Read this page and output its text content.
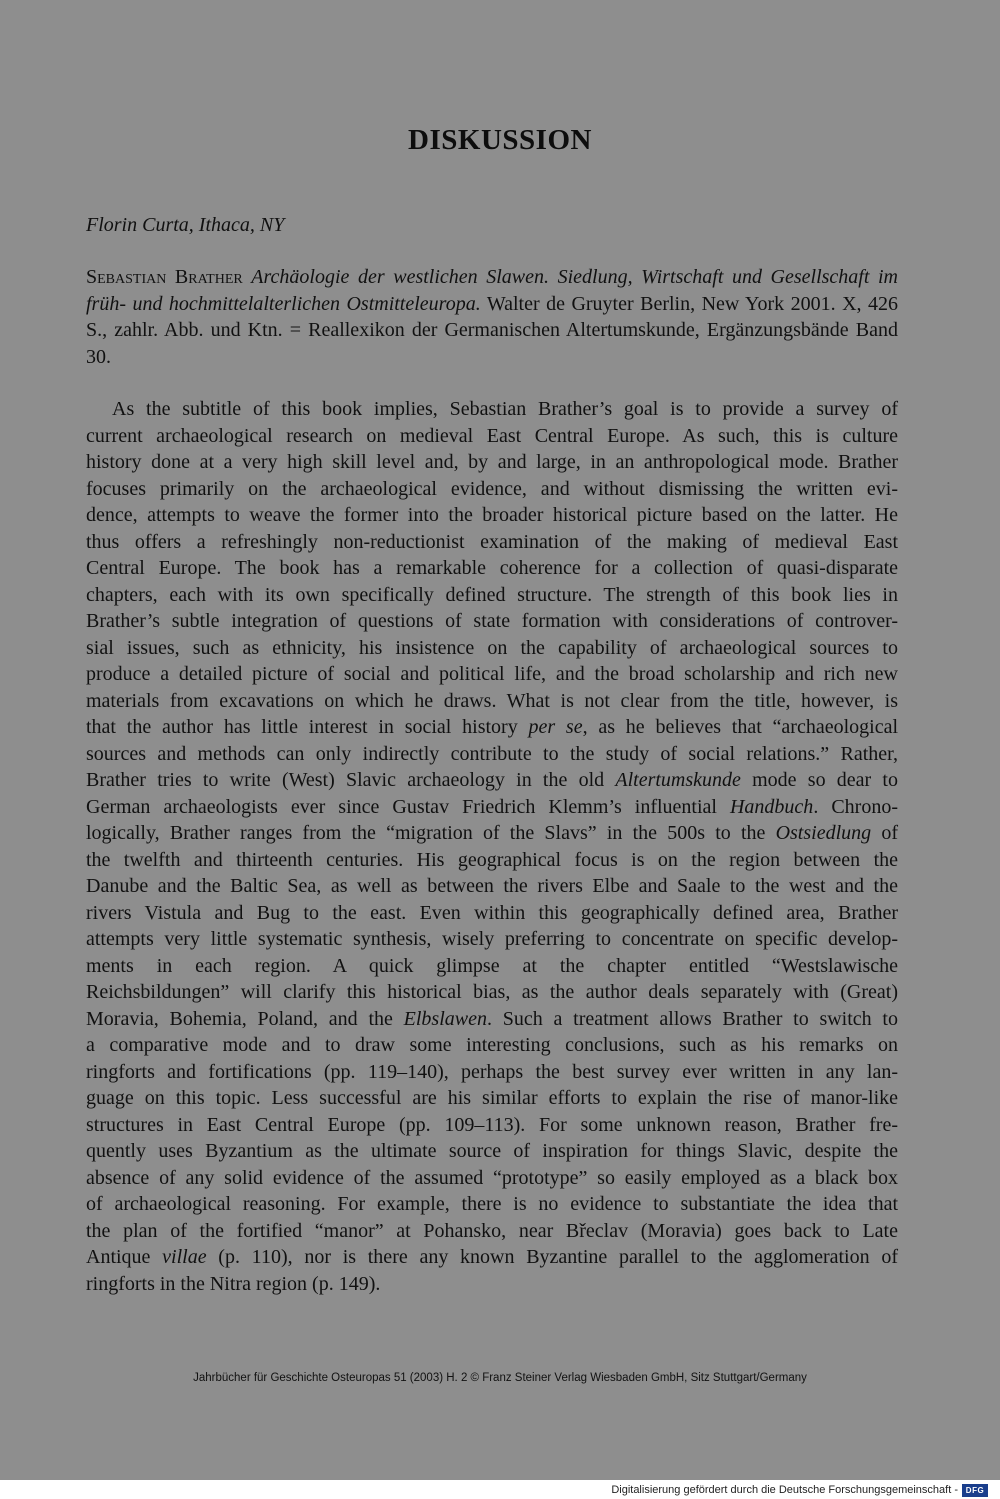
DISKUSSION

Florin Curta, Ithaca, NY

Sebastian Brather Archäologie der westlichen Slawen. Siedlung, Wirtschaft und Gesellschaft im früh- und hochmittelalterlichen Ostmitteleuropa. Walter de Gruyter Berlin, New York 2001. X, 426 S., zahlr. Abb. und Ktn. = Reallexikon der Germanischen Altertumskunde, Ergänzungsbände Band 30.

As the subtitle of this book implies, Sebastian Brather’s goal is to provide a survey of
current archaeological research on medieval East Central Europe. As such, this is culture
history done at a very high skill level and, by and large, in an anthropological mode. Brather
focuses primarily on the archaeological evidence, and without dismissing the written evi-
dence, attempts to weave the former into the broader historical picture based on the latter. He
thus offers a refreshingly non-reductionist examination of the making of medieval East
Central Europe. The book has a remarkable coherence for a collection of quasi-disparate
chapters, each with its own specifically defined structure. The strength of this book lies in
Brather’s subtle integration of questions of state formation with considerations of controver-
sial issues, such as ethnicity, his insistence on the capability of archaeological sources to
produce a detailed picture of social and political life, and the broad scholarship and rich new
materials from excavations on which he draws. What is not clear from the title, however, is
that the author has little interest in social history per se, as he believes that “archaeological
sources and methods can only indirectly contribute to the study of social relations.” Rather,
Brather tries to write (West) Slavic archaeology in the old Altertumskunde mode so dear to
German archaeologists ever since Gustav Friedrich Klemm’s influential Handbuch. Chrono-
logically, Brather ranges from the “migration of the Slavs” in the 500s to the Ostsiedlung of
the twelfth and thirteenth centuries. His geographical focus is on the region between the
Danube and the Baltic Sea, as well as between the rivers Elbe and Saale to the west and the
rivers Vistula and Bug to the east. Even within this geographically defined area, Brather
attempts very little systematic synthesis, wisely preferring to concentrate on specific develop-
ments in each region. A quick glimpse at the chapter entitled “Westslawische
Reichsbildungen” will clarify this historical bias, as the author deals separately with (Great)
Moravia, Bohemia, Poland, and the Elbslawen. Such a treatment allows Brather to switch to
a comparative mode and to draw some interesting conclusions, such as his remarks on
ringforts and fortifications (pp. 119–140), perhaps the best survey ever written in any lan-
guage on this topic. Less successful are his similar efforts to explain the rise of manor-like
structures in East Central Europe (pp. 109–113). For some unknown reason, Brather fre-
quently uses Byzantium as the ultimate source of inspiration for things Slavic, despite the
absence of any solid evidence of the assumed “prototype” so easily employed as a black box
of archaeological reasoning. For example, there is no evidence to substantiate the idea that
the plan of the fortified “manor” at Pohansko, near Břeclav (Moravia) goes back to Late
Antique villae (p. 110), nor is there any known Byzantine parallel to the agglomeration of
ringforts in the Nitra region (p. 149).
Jahrbücher für Geschichte Osteuropas 51 (2003) H. 2 © Franz Steiner Verlag Wiesbaden GmbH, Sitz Stuttgart/Germany
Digitalisierung gefördert durch die Deutsche Forschungsgemeinschaft - DFG
